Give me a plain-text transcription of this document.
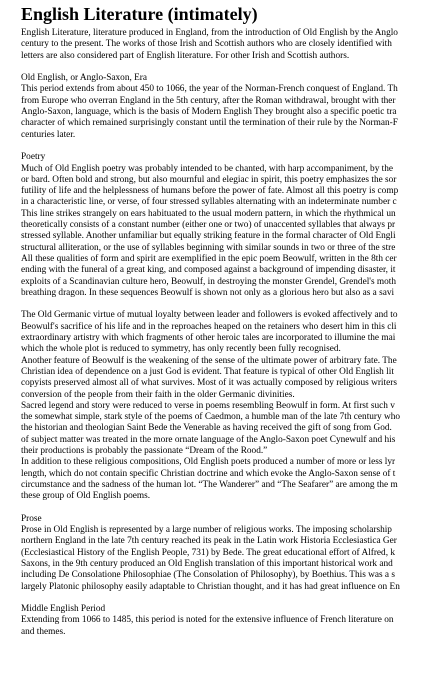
English Literature (intimately)

English Literature, literature produced in England, from the introduction of Old English by the Anglo

century to the present. The works of those Irish and Scottish authors who are closely identified with

letters are also considered part of English literature. For other Irish and Scottish authors.

Old English, or Anglo-Saxon, Era

This period extends from about 450 to 1066, the year of the Norman-French conquest of England. Th

from Europe who overran England in the 5th century, after the Roman withdrawal, brought with ther

Anglo-Saxon, language, which is the basis of Modern English They brought also a specific poetic tra

character of which remained surprisingly constant until the termination of their rule by the Norman-F

centuries later.

Poetry

Much of Old English poetry was probably intended to be chanted, with harp accompaniment, by the

or bard. Often bold and strong, but also mournful and elegiac in spirit, this poetry emphasizes the sor

futility of life and the helplessness of humans before the power of fate. Almost all this poetry is comp

in a characteristic line, or verse, of four stressed syllables alternating with an indeterminate number c

This line strikes strangely on ears habituated to the usual modern pattern, in which the rhythmical un

theoretically consists of a constant number (either one or two) of unaccented syllables that always pr

stressed syllable. Another unfamiliar but equally striking feature in the formal character of Old Engli

structural alliteration, or the use of syllables beginning with similar sounds in two or three of the stre

All these qualities of form and spirit are exemplified in the epic poem Beowulf, written in the 8th cer

ending with the funeral of a great king, and composed against a background of impending disaster, it

exploits of a Scandinavian culture hero, Beowulf, in destroying the monster Grendel, Grendel's moth

breathing dragon. In these sequences Beowulf is shown not only as a glorious hero but also as a savi

The Old Germanic virtue of mutual loyalty between leader and followers is evoked affectively and to

Beowulf's sacrifice of his life and in the reproaches heaped on the retainers who desert him in this cli

extraordinary artistry with which fragments of other heroic tales are incorporated to illumine the mai

which the whole plot is reduced to symmetry, has only recently been fully recognised.

Another feature of Beowulf is the weakening of the sense of the ultimate power of arbitrary fate. The

Christian idea of dependence on a just God is evident. That feature is typical of other Old English lit

copyists preserved almost all of what survives. Most of it was actually composed by religious writers

conversion of the people from their faith in the older Germanic divinities.

Sacred legend and story were reduced to verse in poems resembling Beowulf in form. At first such v

the somewhat simple, stark style of the poems of Caedmon, a humble man of the late 7th century who

the historian and theologian Saint Bede the Venerable as having received the gift of song from God.

of subject matter was treated in the more ornate language of the Anglo-Saxon poet Cynewulf and his

their productions is probably the passionate “Dream of the Rood.”

In addition to these religious compositions, Old English poets produced a number of more or less lyr

length, which do not contain specific Christian doctrine and which evoke the Anglo-Saxon sense of t

circumstance and the sadness of the human lot. “The Wanderer” and “The Seafarer” are among the m

these group of Old English poems.

Prose

Prose in Old English is represented by a large number of religious works. The imposing scholarship

northern England in the late 7th century reached its peak in the Latin work Historia Ecclesiastica Ger

(Ecclesiastical History of the English People, 731) by Bede. The great educational effort of Alfred, k

Saxons, in the 9th century produced an Old English translation of this important historical work and

including De Consolatione Philosophiae (The Consolation of Philosophy), by Boethius. This was a s

largely Platonic philosophy easily adaptable to Christian thought, and it has had great influence on En

Middle English Period

Extending from 1066 to 1485, this period is noted for the extensive influence of French literature on

and themes.
